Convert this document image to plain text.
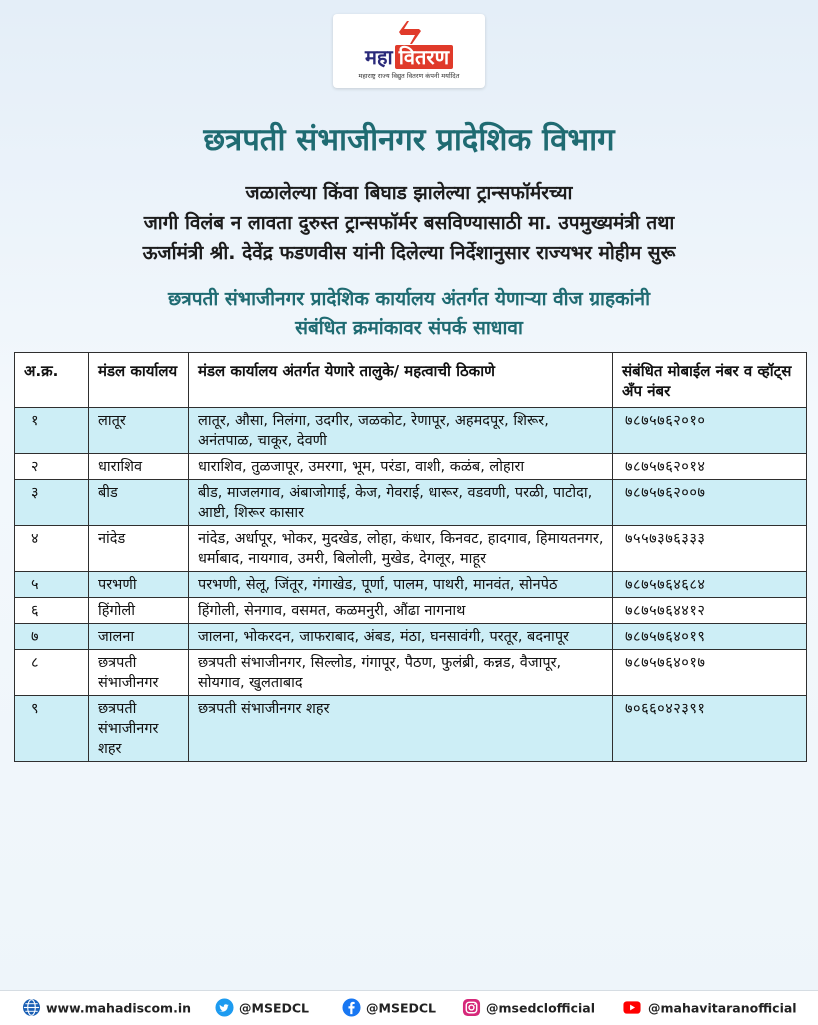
महा वितरण
महाराष्ट्र राज्य विद्युत वितरण कंपनी मर्यादित
छत्रपती संभाजीनगर प्रादेशिक विभाग
जळालेल्या किंवा बिघाड झालेल्या ट्रान्सफॉर्मरच्या
जागी विलंब न लावता दुरुस्त ट्रान्सफॉर्मर बसविण्यासाठी मा. उपमुख्यमंत्री तथा
ऊर्जामंत्री श्री. देवेंद्र फडणवीस यांनी दिलेल्या निर्देशानुसार राज्यभर मोहीम सुरू
छत्रपती संभाजीनगर प्रादेशिक कार्यालय अंतर्गत येणाऱ्या वीज ग्राहकांनी
संबंधित क्रमांकावर संपर्क साधावा
अ.क्र.	मंडल कार्यालय	मंडल कार्यालय अंतर्गत येणारे तालुके/ महत्वाची ठिकाणे	संबंधित मोबाईल नंबर व व्हॉट्स अँप नंबर
१	लातूर	लातूर, औसा, निलंगा, उदगीर, जळकोट, रेणापूर, अहमदपूर, शिरूर, अनंतपाळ, चाकूर, देवणी	७८७५७६२०१०
२	धाराशिव	धाराशिव, तुळजापूर, उमरगा, भूम, परंडा, वाशी, कळंब, लोहारा	७८७५७६२०१४
३	बीड	बीड, माजलगाव, अंबाजोगाई, केज, गेवराई, धारूर, वडवणी, परळी, पाटोदा, आष्टी, शिरूर कासार	७८७५७६२००७
४	नांदेड	नांदेड, अर्धापूर, भोकर, मुदखेड, लोहा, कंधार, किनवट, हादगाव, हिमायतनगर, धर्माबाद, नायगाव, उमरी, बिलोली, मुखेड, देगलूर, माहूर	७५५७३७६३३३
५	परभणी	परभणी, सेलू, जिंतूर, गंगाखेड, पूर्णा, पालम, पाथरी, मानवंत, सोनपेठ	७८७५७६४६८४
६	हिंगोली	हिंगोली, सेनगाव, वसमत, कळमनुरी, औंढा नागनाथ	७८७५७६४४१२
७	जालना	जालना, भोकरदन, जाफराबाद, अंबड, मंठा, घनसावंगी, परतूर, बदनापूर	७८७५७६४०१९
८	छत्रपती संभाजीनगर	छत्रपती संभाजीनगर, सिल्लोड, गंगापूर, पैठण, फुलंब्री, कन्नड, वैजापूर, सोयगाव, खुलताबाद	७८७५७६४०१७
९	छत्रपती संभाजीनगर शहर	छत्रपती संभाजीनगर शहर	७०६६०४२३९१
www.mahadiscom.in	@MSEDCL	@MSEDCL	@msedclofficial	@mahavitaranofficial
